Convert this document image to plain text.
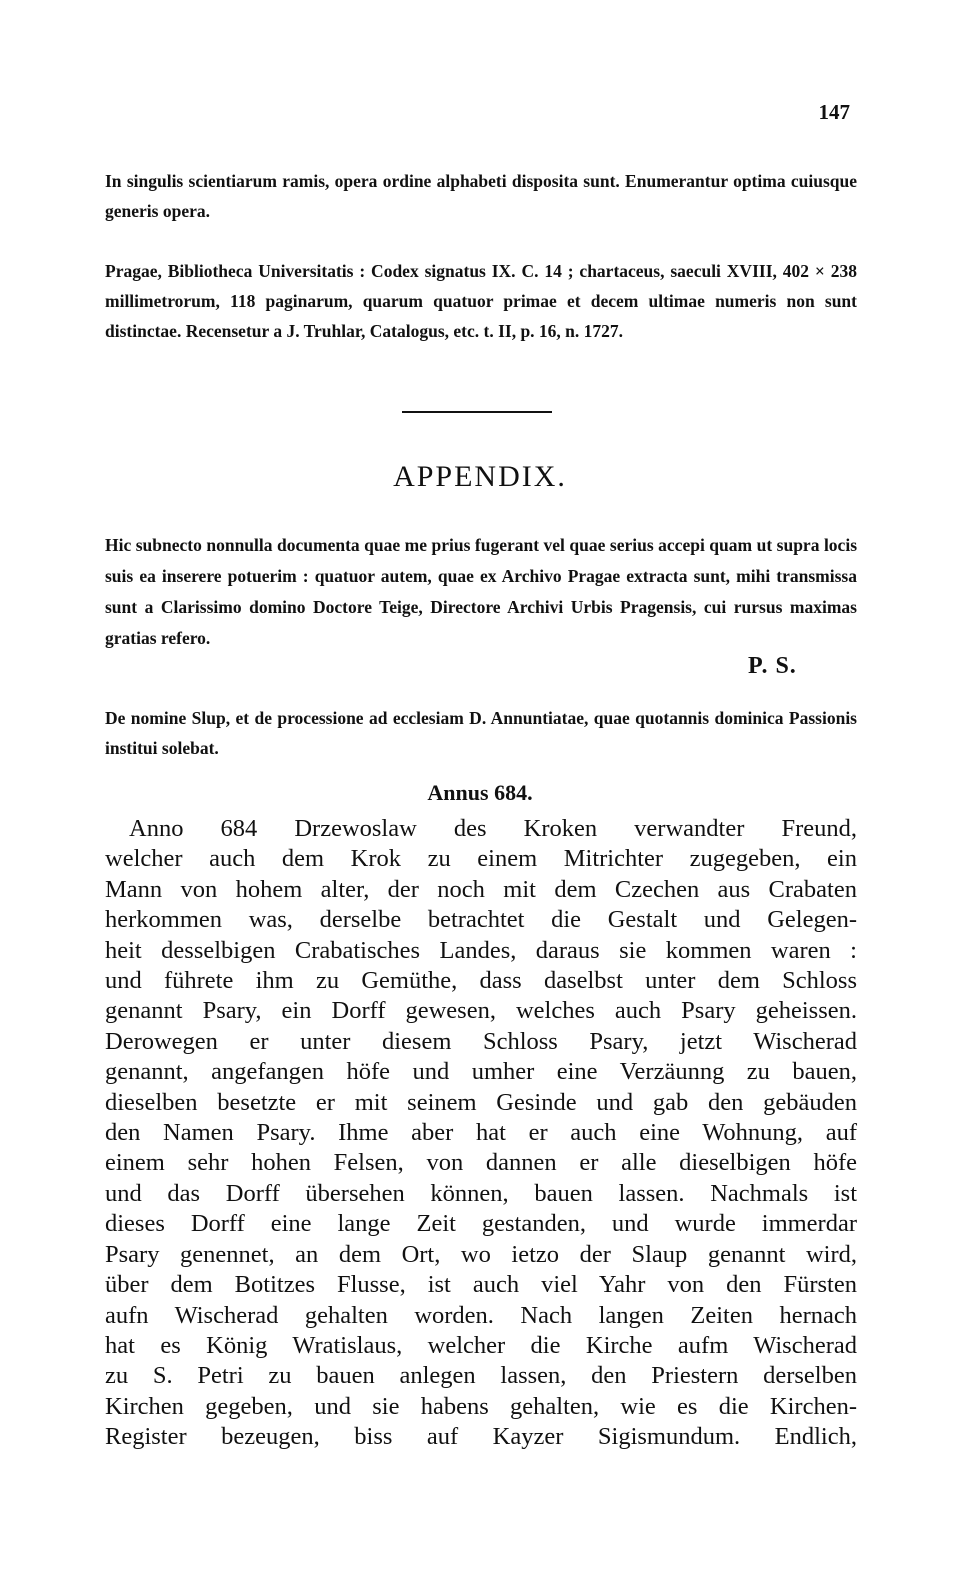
147

In singulis scientiarum ramis, opera ordine alphabeti disposita sunt. Enumerantur optima cuiusque generis opera.

Pragae, Bibliotheca Universitatis : Codex signatus IX. C. 14 ; chartaceus, saeculi XVIII, 402 × 238 millimetrorum, 118 paginarum, quarum quatuor primae et decem ultimae numeris non sunt distinctae. Recensetur a J. Truhlar, Catalogus, etc. t. II, p. 16, n. 1727.

APPENDIX.

Hic subnecto nonnulla documenta quae me prius fugerant vel quae serius accepi quam ut supra locis suis ea inserere potuerim : quatuor autem, quae ex Archivo Pragae extracta sunt, mihi transmissa sunt a Clarissimo domino Doctore Teige, Directore Archivi Urbis Pragensis, cui rursus maximas gratias refero.

P. S.

De nomine Slup, et de processione ad ecclesiam D. Annuntiatae, quae quotannis dominica Passionis institui solebat.

Annus 684.
Anno 684 Drzewoslaw des Kroken verwandter Freund,
welcher auch dem Krok zu einem Mitrichter zugegeben, ein
Mann von hohem alter, der noch mit dem Czechen aus Crabaten
herkommen was, derselbe betrachtet die Gestalt und Gelegen-
heit desselbigen Crabatisches Landes, daraus sie kommen waren :
und führete ihm zu Gemüthe, dass daselbst unter dem Schloss
genannt Psary, ein Dorff gewesen, welches auch Psary geheissen.
Derowegen er unter diesem Schloss Psary, jetzt Wischerad
genannt, angefangen höfe und umher eine Verzäunng zu bauen,
dieselben besetzte er mit seinem Gesinde und gab den gebäuden
den Namen Psary. Ihme aber hat er auch eine Wohnung, auf
einem sehr hohen Felsen, von dannen er alle dieselbigen höfe
und das Dorff übersehen können, bauen lassen. Nachmals ist
dieses Dorff eine lange Zeit gestanden, und wurde immerdar
Psary genennet, an dem Ort, wo ietzo der Slaup genannt wird,
über dem Botitzes Flusse, ist auch viel Yahr von den Fürsten
aufn Wischerad gehalten worden. Nach langen Zeiten hernach
hat es König Wratislaus, welcher die Kirche aufm Wischerad
zu S. Petri zu bauen anlegen lassen, den Priestern derselben
Kirchen gegeben, und sie habens gehalten, wie es die Kirchen-
Register bezeugen, biss auf Kayzer Sigismundum. Endlich,
